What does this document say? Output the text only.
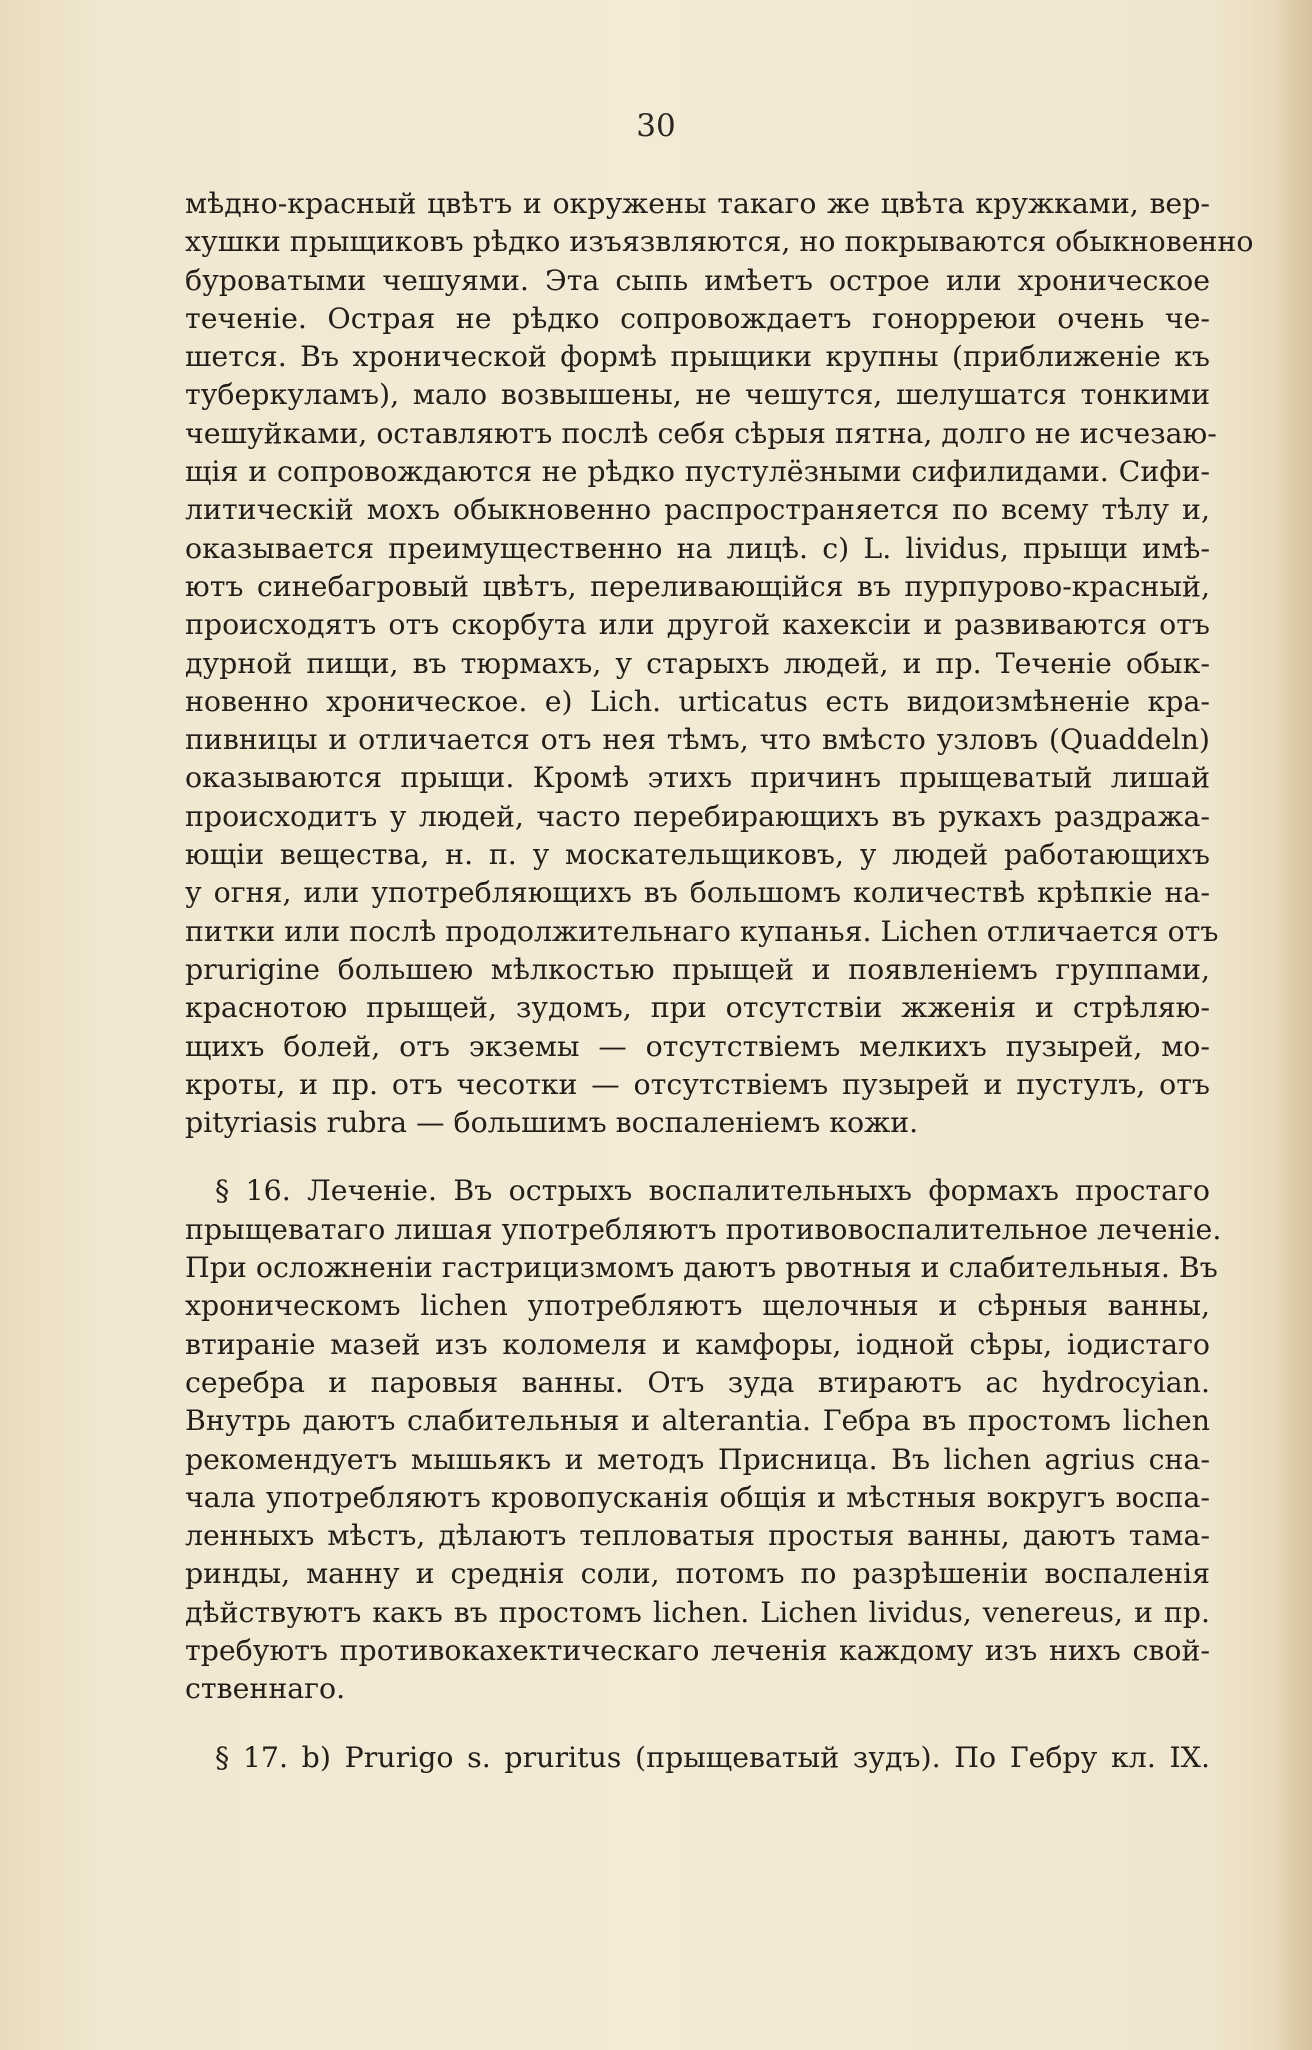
30
мѣдно-красный цвѣтъ и окружены такаго же цвѣта кружками, вер-
хушки прыщиковъ рѣдко изъязвляются, но покрываются обыкновенно
буроватыми чешуями. Эта сыпь имѣетъ острое или хроническое
теченіе. Острая не рѣдко сопровождаетъ гонорреюи очень че-
шется. Въ хронической формѣ прыщики крупны (приближеніе къ
туберкуламъ), мало возвышены, не чешутся, шелушатся тонкими
чешуйками, оставляютъ послѣ себя сѣрыя пятна, долго не исчезаю-
щія и сопровождаются не рѣдко пустулёзными сифилидами. Сифи-
литическій мохъ обыкновенно распространяется по всему тѣлу и,
оказывается преимущественно на лицѣ. c) L. lividus, прыщи имѣ-
ютъ синебагровый цвѣтъ, переливающійся въ пурпурово-красный,
происходятъ отъ скорбута или другой кахексіи и развиваются отъ
дурной пищи, въ тюрмахъ, у старыхъ людей, и пр. Теченіе обык-
новенно хроническое. e) Lich. urticatus есть видоизмѣненіе кра-
пивницы и отличается отъ нея тѣмъ, что вмѣсто узловъ (Quaddeln)
оказываются прыщи. Кромѣ этихъ причинъ прыщеватый лишай
происходитъ у людей, часто перебирающихъ въ рукахъ раздража-
ющіи вещества, н. п. у москательщиковъ, у людей работающихъ
у огня, или употребляющихъ въ большомъ количествѣ крѣпкіе на-
питки или послѣ продолжительнаго купанья. Lichen отличается отъ
prurigine большею мѣлкостью прыщей и появленіемъ группами,
краснотою прыщей, зудомъ, при отсутствіи жженія и стрѣляю-
щихъ болей, отъ экземы — отсутствіемъ мелкихъ пузырей, мо-
кроты, и пр. отъ чесотки — отсутствіемъ пузырей и пустулъ, отъ
pityriasis rubra — большимъ воспаленіемъ кожи.
§ 16. Леченіе. Въ острыхъ воспалительныхъ формахъ простаго
прыщеватаго лишая употребляютъ противовоспалительное леченіе.
При осложненіи гастрицизмомъ даютъ рвотныя и слабительныя. Въ
хроническомъ lichen употребляютъ щелочныя и сѣрныя ванны,
втираніе мазей изъ коломеля и камфоры, іодной сѣры, іодистаго
серебра и паровыя ванны. Отъ зуда втираютъ ac hydrocyian.
Внутрь даютъ слабительныя и alterantia. Гебра въ простомъ lichen
рекомендуетъ мышьякъ и методъ Присница. Въ lichen agrius сна-
чала употребляютъ кровопусканія общія и мѣстныя вокругъ воспа-
ленныхъ мѣстъ, дѣлаютъ тепловатыя простыя ванны, даютъ тама-
ринды, манну и среднія соли, потомъ по разрѣшеніи воспаленія
дѣйствуютъ какъ въ простомъ lichen. Lichen lividus, venereus, и пр.
требуютъ противокахектическаго леченія каждому изъ нихъ свой-
ственнаго.
§ 17. b) Prurigo s. pruritus (прыщеватый зудъ). По Гебру кл. IX.
